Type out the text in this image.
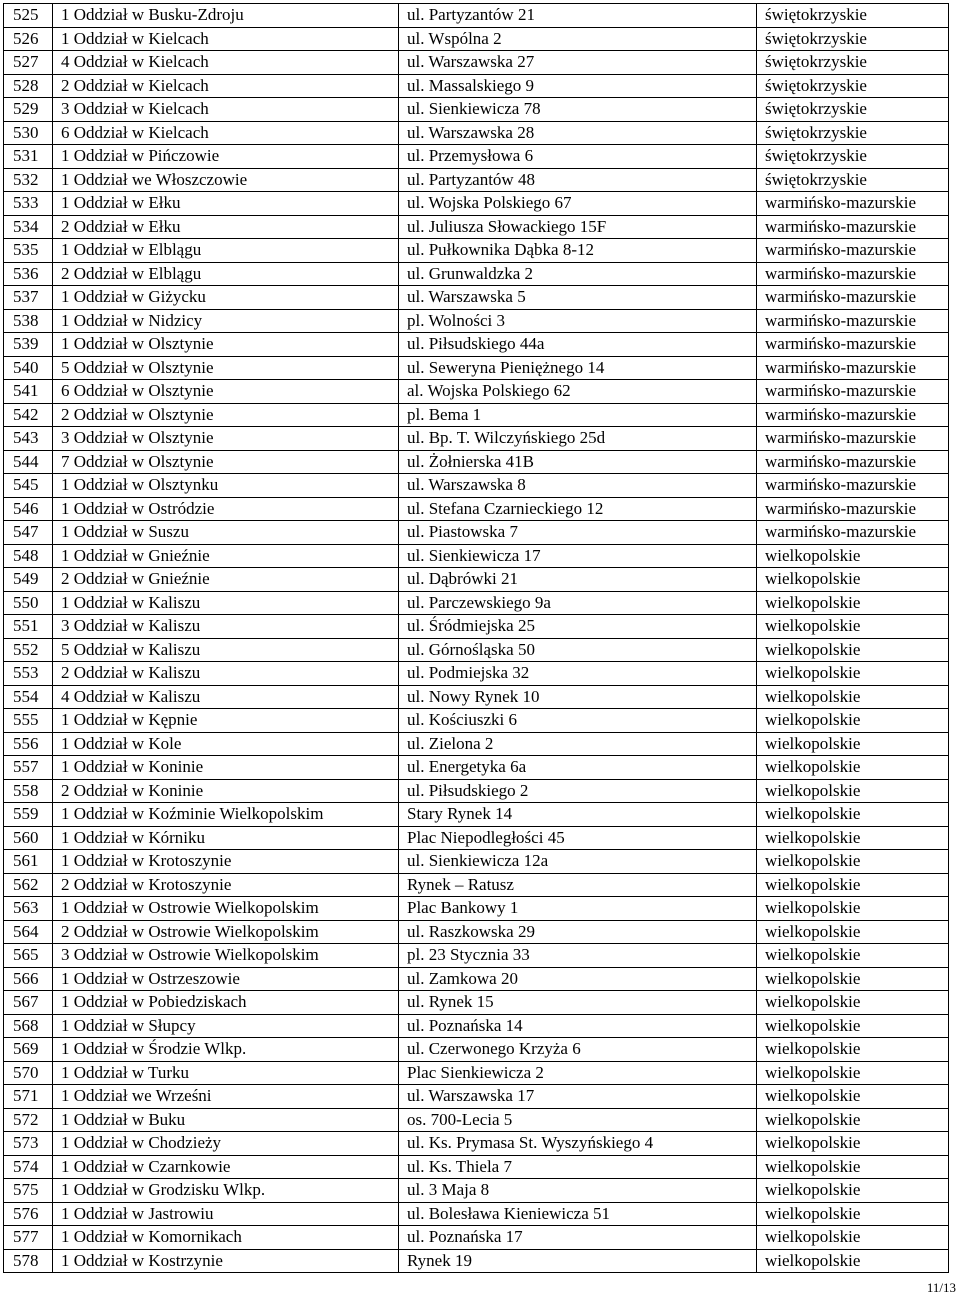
525	1 Oddział w Busku-Zdroju	ul. Partyzantów 21	świętokrzyskie
526	1 Oddział w Kielcach	ul. Wspólna 2	świętokrzyskie
527	4 Oddział w Kielcach	ul. Warszawska 27	świętokrzyskie
528	2 Oddział w Kielcach	ul. Massalskiego 9	świętokrzyskie
529	3 Oddział w Kielcach	ul. Sienkiewicza 78	świętokrzyskie
530	6 Oddział w Kielcach	ul. Warszawska 28	świętokrzyskie
531	1 Oddział w Pińczowie	ul. Przemysłowa 6	świętokrzyskie
532	1 Oddział we Włoszczowie	ul. Partyzantów 48	świętokrzyskie
533	1 Oddział w Ełku	ul. Wojska Polskiego 67	warmińsko-mazurskie
534	2 Oddział w Ełku	ul. Juliusza Słowackiego 15F	warmińsko-mazurskie
535	1 Oddział w Elblągu	ul. Pułkownika Dąbka 8-12	warmińsko-mazurskie
536	2 Oddział w Elblągu	ul. Grunwaldzka 2	warmińsko-mazurskie
537	1 Oddział w Giżycku	ul. Warszawska 5	warmińsko-mazurskie
538	1 Oddział w Nidzicy	pl. Wolności 3	warmińsko-mazurskie
539	1 Oddział w Olsztynie	ul. Piłsudskiego 44a	warmińsko-mazurskie
540	5 Oddział w Olsztynie	ul. Seweryna Pieniężnego 14	warmińsko-mazurskie
541	6 Oddział w Olsztynie	al. Wojska Polskiego 62	warmińsko-mazurskie
542	2 Oddział w Olsztynie	pl. Bema 1	warmińsko-mazurskie
543	3 Oddział w Olsztynie	ul. Bp. T. Wilczyńskiego 25d	warmińsko-mazurskie
544	7 Oddział w Olsztynie	ul. Żołnierska 41B	warmińsko-mazurskie
545	1 Oddział w Olsztynku	ul. Warszawska 8	warmińsko-mazurskie
546	1 Oddział w Ostródzie	ul. Stefana Czarnieckiego 12	warmińsko-mazurskie
547	1 Oddział w Suszu	ul. Piastowska 7	warmińsko-mazurskie
548	1 Oddział w Gnieźnie	ul. Sienkiewicza 17	wielkopolskie
549	2 Oddział w Gnieźnie	ul. Dąbrówki 21	wielkopolskie
550	1 Oddział w Kaliszu	ul. Parczewskiego 9a	wielkopolskie
551	3 Oddział w Kaliszu	ul. Śródmiejska 25	wielkopolskie
552	5 Oddział w Kaliszu	ul. Górnośląska 50	wielkopolskie
553	2 Oddział w Kaliszu	ul. Podmiejska 32	wielkopolskie
554	4 Oddział w Kaliszu	ul. Nowy Rynek 10	wielkopolskie
555	1 Oddział w Kępnie	ul. Kościuszki 6	wielkopolskie
556	1 Oddział w Kole	ul. Zielona 2	wielkopolskie
557	1 Oddział w Koninie	ul. Energetyka 6a	wielkopolskie
558	2 Oddział w Koninie	ul. Piłsudskiego 2	wielkopolskie
559	1 Oddział w Koźminie Wielkopolskim	Stary Rynek 14	wielkopolskie
560	1 Oddział w Kórniku	Plac Niepodległości 45	wielkopolskie
561	1 Oddział w Krotoszynie	ul. Sienkiewicza 12a	wielkopolskie
562	2 Oddział w Krotoszynie	Rynek – Ratusz	wielkopolskie
563	1 Oddział w Ostrowie Wielkopolskim	Plac Bankowy 1	wielkopolskie
564	2 Oddział w Ostrowie Wielkopolskim	ul. Raszkowska 29	wielkopolskie
565	3 Oddział w Ostrowie Wielkopolskim	pl. 23 Stycznia 33	wielkopolskie
566	1 Oddział w Ostrzeszowie	ul. Zamkowa 20	wielkopolskie
567	1 Oddział w Pobiedziskach	ul. Rynek 15	wielkopolskie
568	1 Oddział w Słupcy	ul. Poznańska 14	wielkopolskie
569	1 Oddział w Środzie Wlkp.	ul. Czerwonego Krzyża 6	wielkopolskie
570	1 Oddział w Turku	Plac Sienkiewicza 2	wielkopolskie
571	1 Oddział we Wrześni	ul. Warszawska 17	wielkopolskie
572	1 Oddział w Buku	os. 700-Lecia 5	wielkopolskie
573	1 Oddział w Chodzieży	ul. Ks. Prymasa St. Wyszyńskiego 4	wielkopolskie
574	1 Oddział w Czarnkowie	ul. Ks. Thiela 7	wielkopolskie
575	1 Oddział w Grodzisku Wlkp.	ul. 3 Maja 8	wielkopolskie
576	1 Oddział w Jastrowiu	ul. Bolesława Kieniewicza 51	wielkopolskie
577	1 Oddział w Komornikach	ul. Poznańska 17	wielkopolskie
578	1 Oddział w Kostrzynie	Rynek 19	wielkopolskie
11/13
